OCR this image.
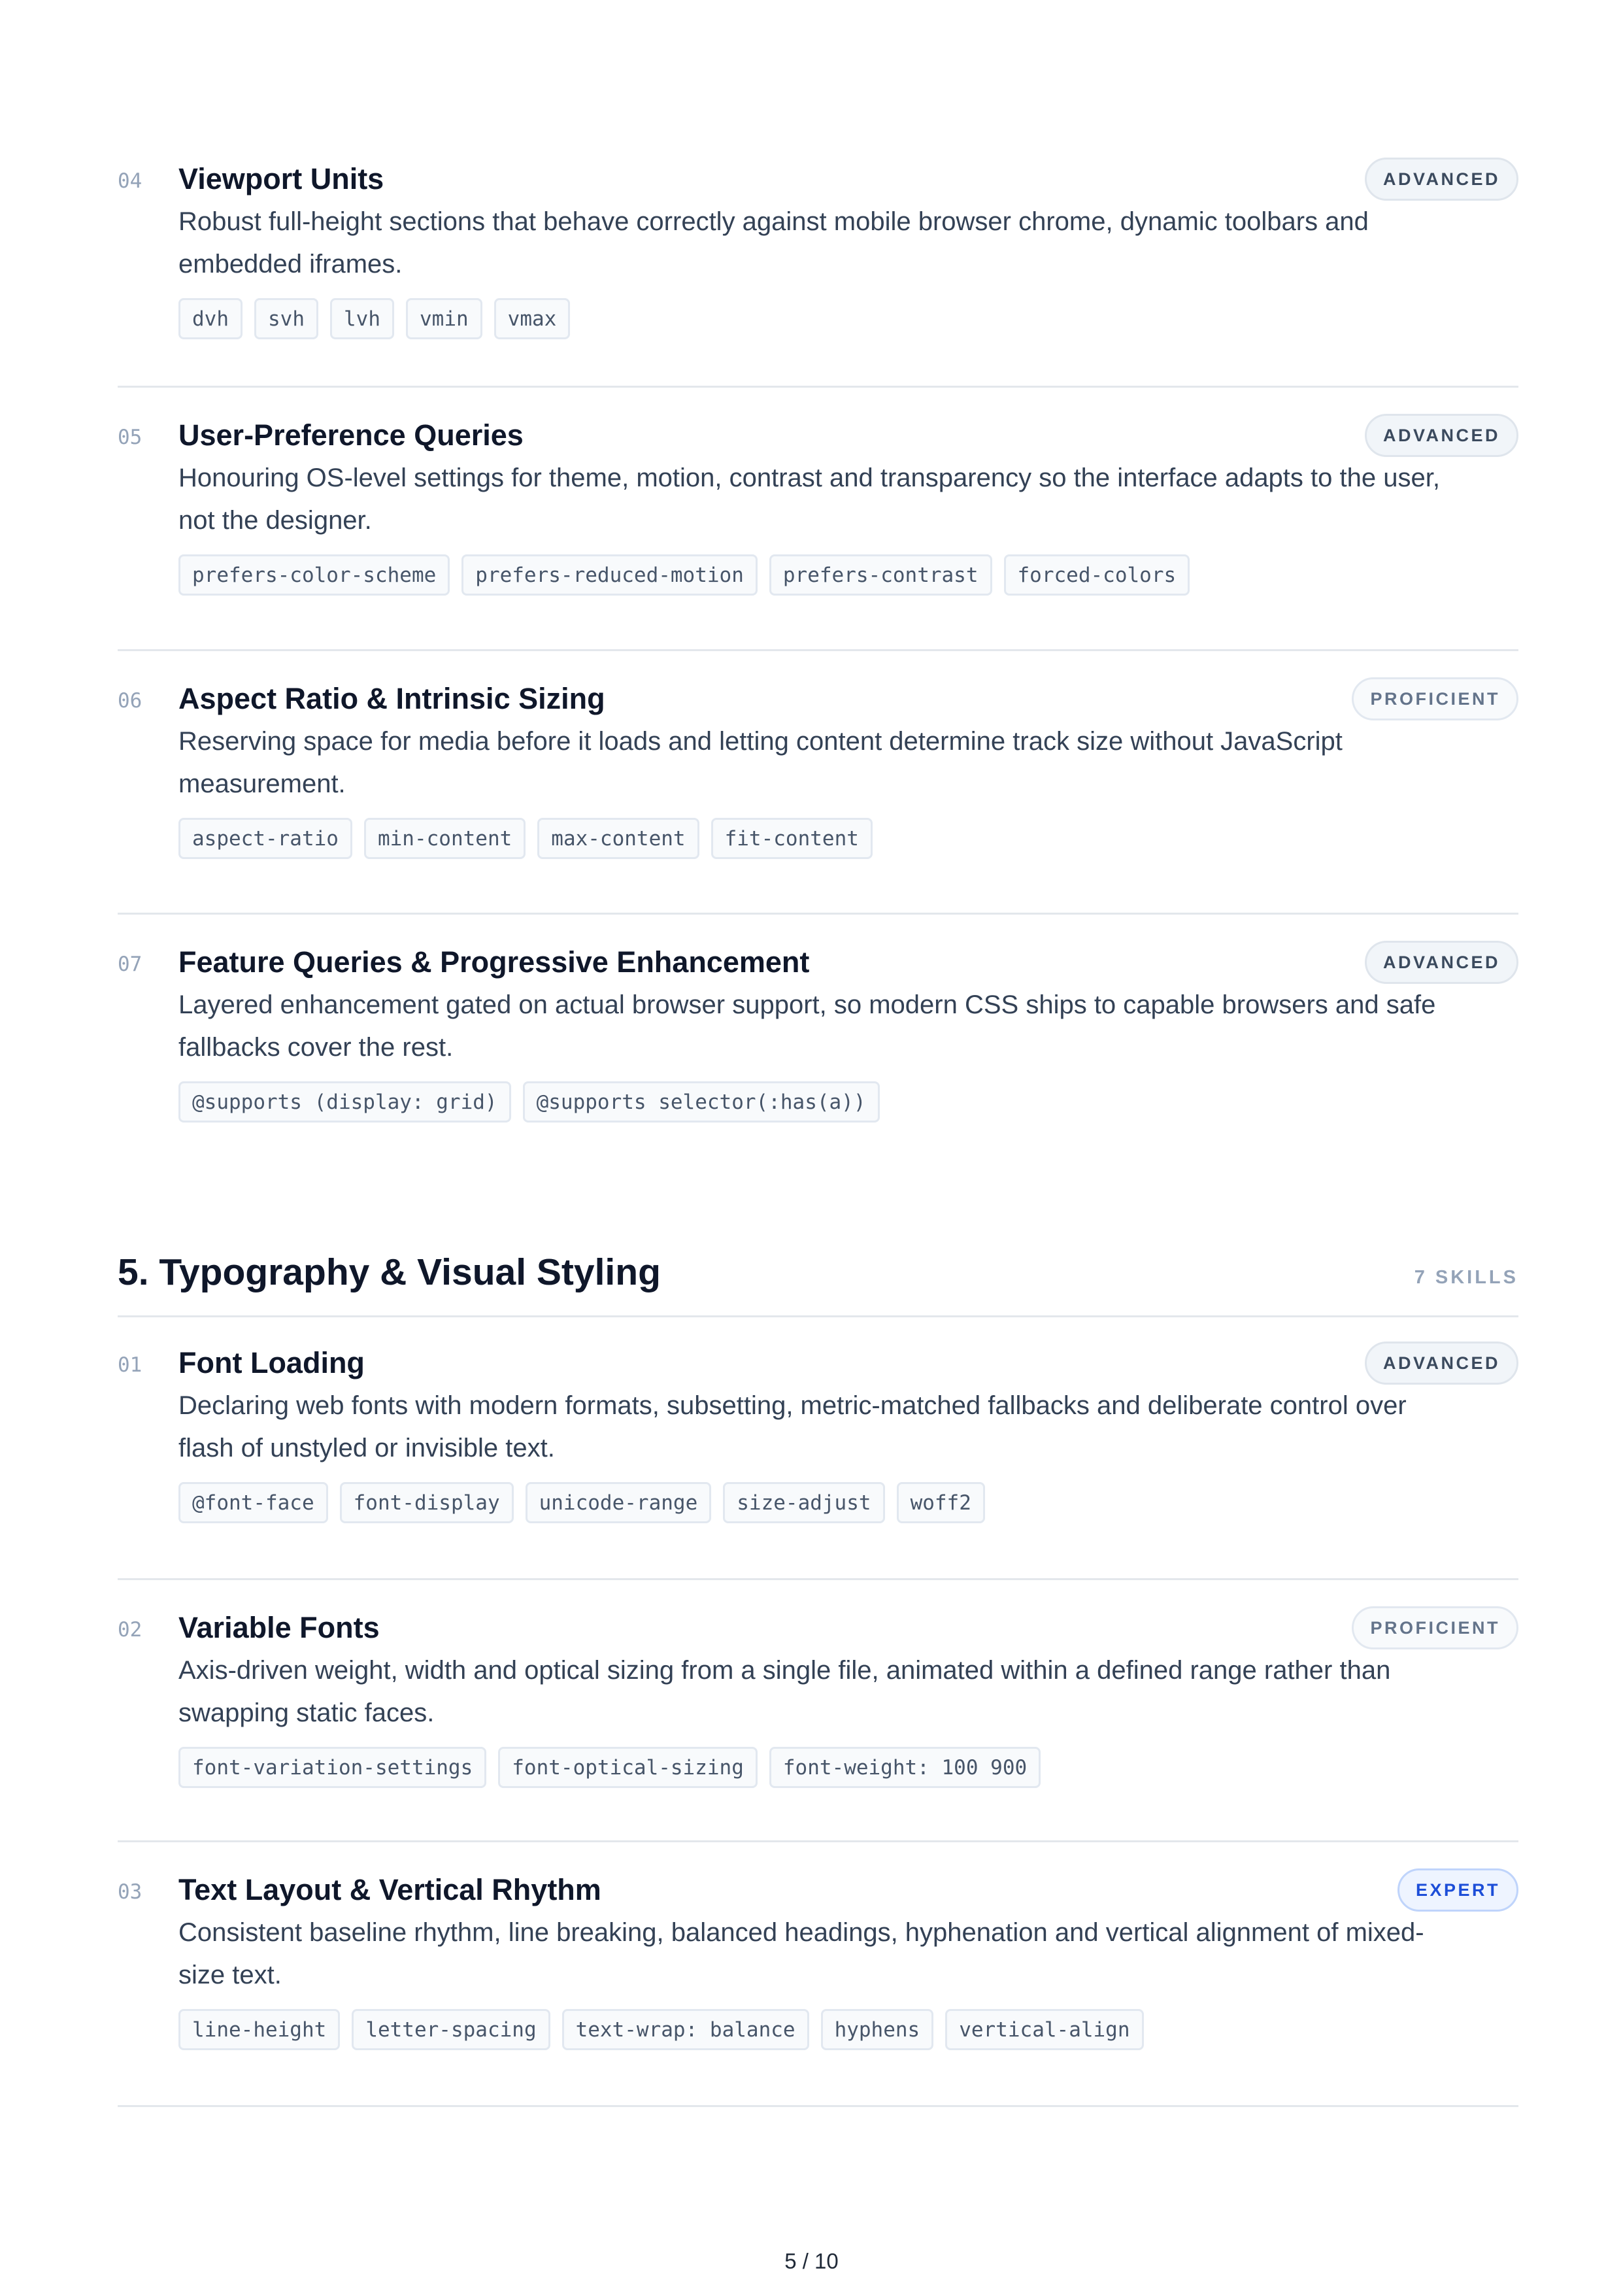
04 Viewport Units	ADVANCED
Robust full-height sections that behave correctly against mobile browser chrome, dynamic toolbars and
embedded iframes.
dvh	svh	lvh	vmin	vmax
05 User-Preference Queries	ADVANCED
Honouring OS-level settings for theme, motion, contrast and transparency so the interface adapts to the user,
not the designer.
prefers-color-scheme	prefers-reduced-motion	prefers-contrast	forced-colors
06 Aspect Ratio & Intrinsic Sizing	PROFICIENT
Reserving space for media before it loads and letting content determine track size without JavaScript
measurement.
aspect-ratio	min-content	max-content	fit-content
07 Feature Queries & Progressive Enhancement	ADVANCED
Layered enhancement gated on actual browser support, so modern CSS ships to capable browsers and safe
fallbacks cover the rest.
@supports (display: grid)	@supports selector(:has(a))
5. Typography & Visual Styling	7 SKILLS
01 Font Loading	ADVANCED
Declaring web fonts with modern formats, subsetting, metric-matched fallbacks and deliberate control over
flash of unstyled or invisible text.
@font-face	font-display	unicode-range	size-adjust	woff2
02 Variable Fonts	PROFICIENT
Axis-driven weight, width and optical sizing from a single file, animated within a defined range rather than
swapping static faces.
font-variation-settings	font-optical-sizing	font-weight: 100 900
03 Text Layout & Vertical Rhythm	EXPERT
Consistent baseline rhythm, line breaking, balanced headings, hyphenation and vertical alignment of mixed-
size text.
line-height	letter-spacing	text-wrap: balance	hyphens	vertical-align
5 / 10
